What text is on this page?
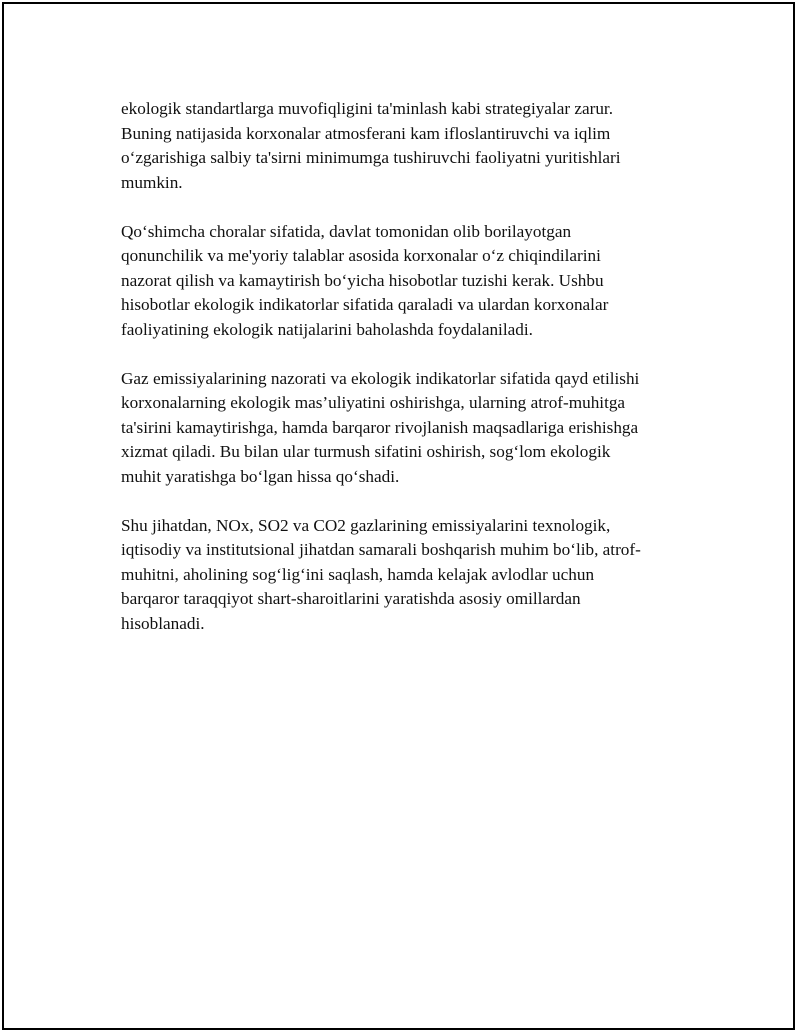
ekologik standartlarga muvofiqligini ta'minlash kabi strategiyalar zarur.
Buning natijasida korxonalar atmosferani kam ifloslantiruvchi va iqlim
o‘zgarishiga salbiy ta'sirni minimumga tushiruvchi faoliyatni yuritishlari
mumkin.

Qo‘shimcha choralar sifatida, davlat tomonidan olib borilayotgan
qonunchilik va me'yoriy talablar asosida korxonalar o‘z chiqindilarini
nazorat qilish va kamaytirish bo‘yicha hisobotlar tuzishi kerak. Ushbu
hisobotlar ekologik indikatorlar sifatida qaraladi va ulardan korxonalar
faoliyatining ekologik natijalarini baholashda foydalaniladi.

Gaz emissiyalarining nazorati va ekologik indikatorlar sifatida qayd etilishi
korxonalarning ekologik mas’uliyatini oshirishga, ularning atrof-muhitga
ta'sirini kamaytirishga, hamda barqaror rivojlanish maqsadlariga erishishga
xizmat qiladi. Bu bilan ular turmush sifatini oshirish, sog‘lom ekologik
muhit yaratishga bo‘lgan hissa qo‘shadi.

Shu jihatdan, NOx, SO2 va CO2 gazlarining emissiyalarini texnologik,
iqtisodiy va institutsional jihatdan samarali boshqarish muhim bo‘lib, atrof-
muhitni, aholining sog‘lig‘ini saqlash, hamda kelajak avlodlar uchun
barqaror taraqqiyot shart-sharoitlarini yaratishda asosiy omillardan
hisoblanadi.
